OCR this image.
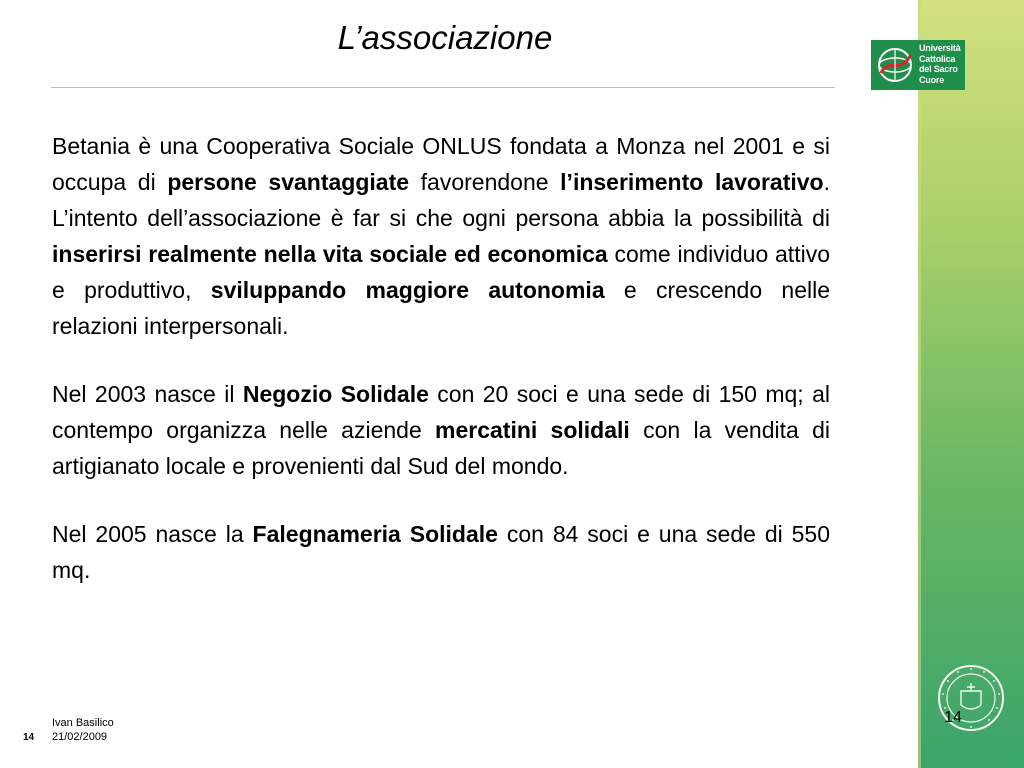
Università
Cattolica
del Sacro
Cuore
L’associazione

Betania è una Cooperativa Sociale ONLUS fondata a Monza nel 2001 e si occupa di persone svantaggiate favorendone l’inserimento lavorativo. L’intento dell’associazione è far si che ogni persona abbia la possibilità di inserirsi realmente nella vita sociale ed economica come individuo attivo e produttivo, sviluppando maggiore autonomia e crescendo nelle relazioni interpersonali.

Nel 2003 nasce il Negozio Solidale con 20 soci e una sede di 150 mq; al contempo organizza nelle aziende mercatini solidali con la vendita di artigianato locale e provenienti dal Sud del mondo.

Nel 2005 nasce la Falegnameria Solidale con 84 soci e una sede di 550 mq.

14
Ivan Basilico
21/02/2009
14
